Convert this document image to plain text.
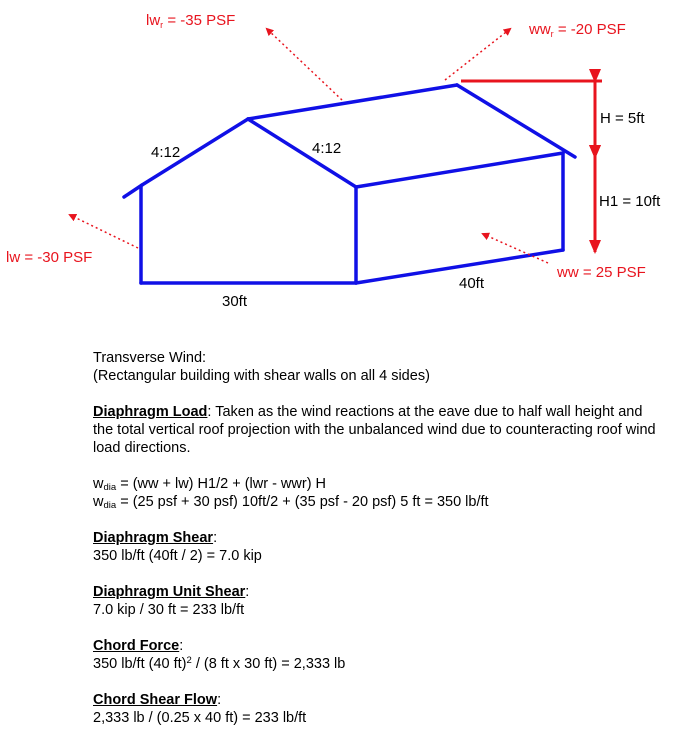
$lw_r = -35$ PSF
$ww_r = -20$ PSF
H = 5ft
H1 = 10ft
4:12	4:12
lw = -30 PSF
ww = 25 PSF
30ft
40ft

Transverse Wind:

(Rectangular building with shear walls on all 4 sides)

Diaphragm Load: Taken as the wind reactions at the eave due to half wall height and the total vertical roof projection with the unbalanced wind due to counteracting roof wind load directions.

$w_{dia} = (ww + lw) H1/2 + (lwr - wwr)$ H

$w_{dia} = (25$ psf + 30 psf) 10ft/2 + (35 psf - 20 psf) 5 ft = 350 lb/ft

Diaphragm Shear:

350 lb/ft (40ft / 2) = 7.0 kip

Diaphragm Unit Shear:

7.0 kip / 30 ft = 233 lb/ft

Chord Force:

350 lb/ft (40 ft)$^2$ / (8 ft x 30 ft) = 2,333 lb

Chord Shear Flow:

2,333 lb / (0.25 x 40 ft) = 233 lb/ft
